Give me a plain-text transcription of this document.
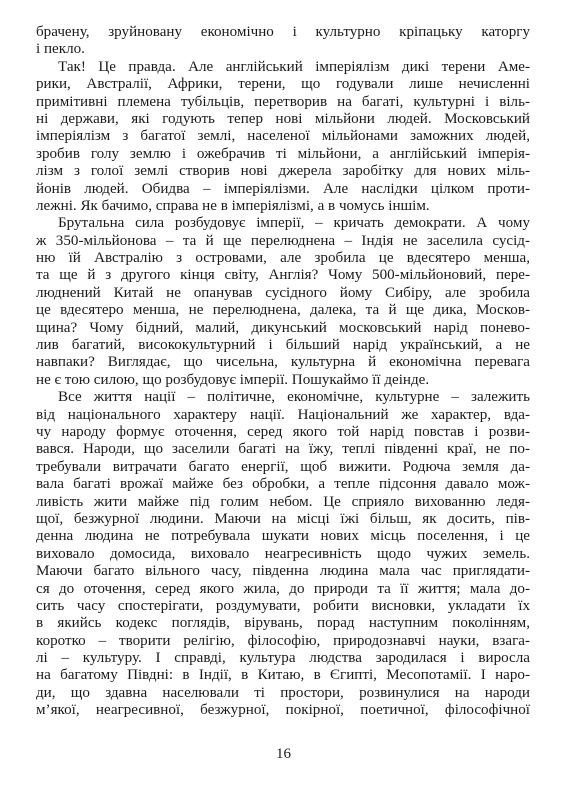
брачену, зруйновану економічно і культурно кріпацьку каторгу
і пекло.
Так! Це правда. Але англійський імперіялізм дикі терени Аме-
рики, Австралії, Африки, терени, що годували лише нечисленні
примітивні племена тубільців, перетворив на багаті, культурні і віль-
ні держави, які годують тепер нові мільйони людей. Московський
імперіялізм з багатої землі, населеної мільйонами заможних людей,
зробив голу землю і ожебрачив ті мільйони, а англійський імперія-
лізм з голої землі створив нові джерела заробітку для нових міль-
йонів людей. Обидва – імперіялізми. Але наслідки цілком проти-
лежні. Як бачимо, справа не в імперіялізмі, а в чомусь іншім.
Брутальна сила розбудовує імперії, – кричать демократи. А чому
ж 350-мільйонова – та й ще перелюднена – Індія не заселила сусід-
ню їй Австралію з островами, але зробила це вдесятеро менша,
та ще й з другого кінця світу, Англія? Чому 500-мільйоновий, пере-
люднений Китай не опанував сусідного йому Сибіру, але зробила
це вдесятеро менша, не перелюднена, далека, та й ще дика, Москов-
щина? Чому бідний, малий, дикунський московський нарід понево-
лив багатий, висококультурний і більший нарід український, а не
навпаки? Виглядає, що чисельна, культурна й економічна перевага
не є тою силою, що розбудовує імперії. Пошукаймо її деінде.
Все життя нації – політичне, економічне, культурне – залежить
від національного характеру нації. Національний же характер, вда-
чу народу формує оточення, серед якого той нарід повстав і розви-
вався. Народи, що заселили багаті на їжу, теплі південні краї, не по-
требували витрачати багато енергії, щоб вижити. Родюча земля да-
вала багаті врожаї майже без обробки, а тепле підсоння давало мож-
ливість жити майже під голим небом. Це сприяло вихованню ледя-
щої, безжурної людини. Маючи на місці їжі більш, як досить, пів-
денна людина не потребувала шукати нових місць поселення, і це
виховало домосида, виховало неагресивність щодо чужих земель.
Маючи багато вільного часу, південна людина мала час приглядати-
ся до оточення, серед якого жила, до природи та її життя; мала до-
сить часу спостерігати, роздумувати, робити висновки, укладати їх
в якийсь кодекс поглядів, вірувань, порад наступним поколінням,
коротко – творити релігію, філософію, природознавчі науки, взага-
лі – культуру. І справді, культура людства зародилася і виросла
на багатому Півдні: в Індії, в Китаю, в Єгипті, Месопотамії. І наро-
ди, що здавна населювали ті простори, розвинулися на народи
м’якої, неагресивної, безжурної, покірної, поетичної, філософічної
16
